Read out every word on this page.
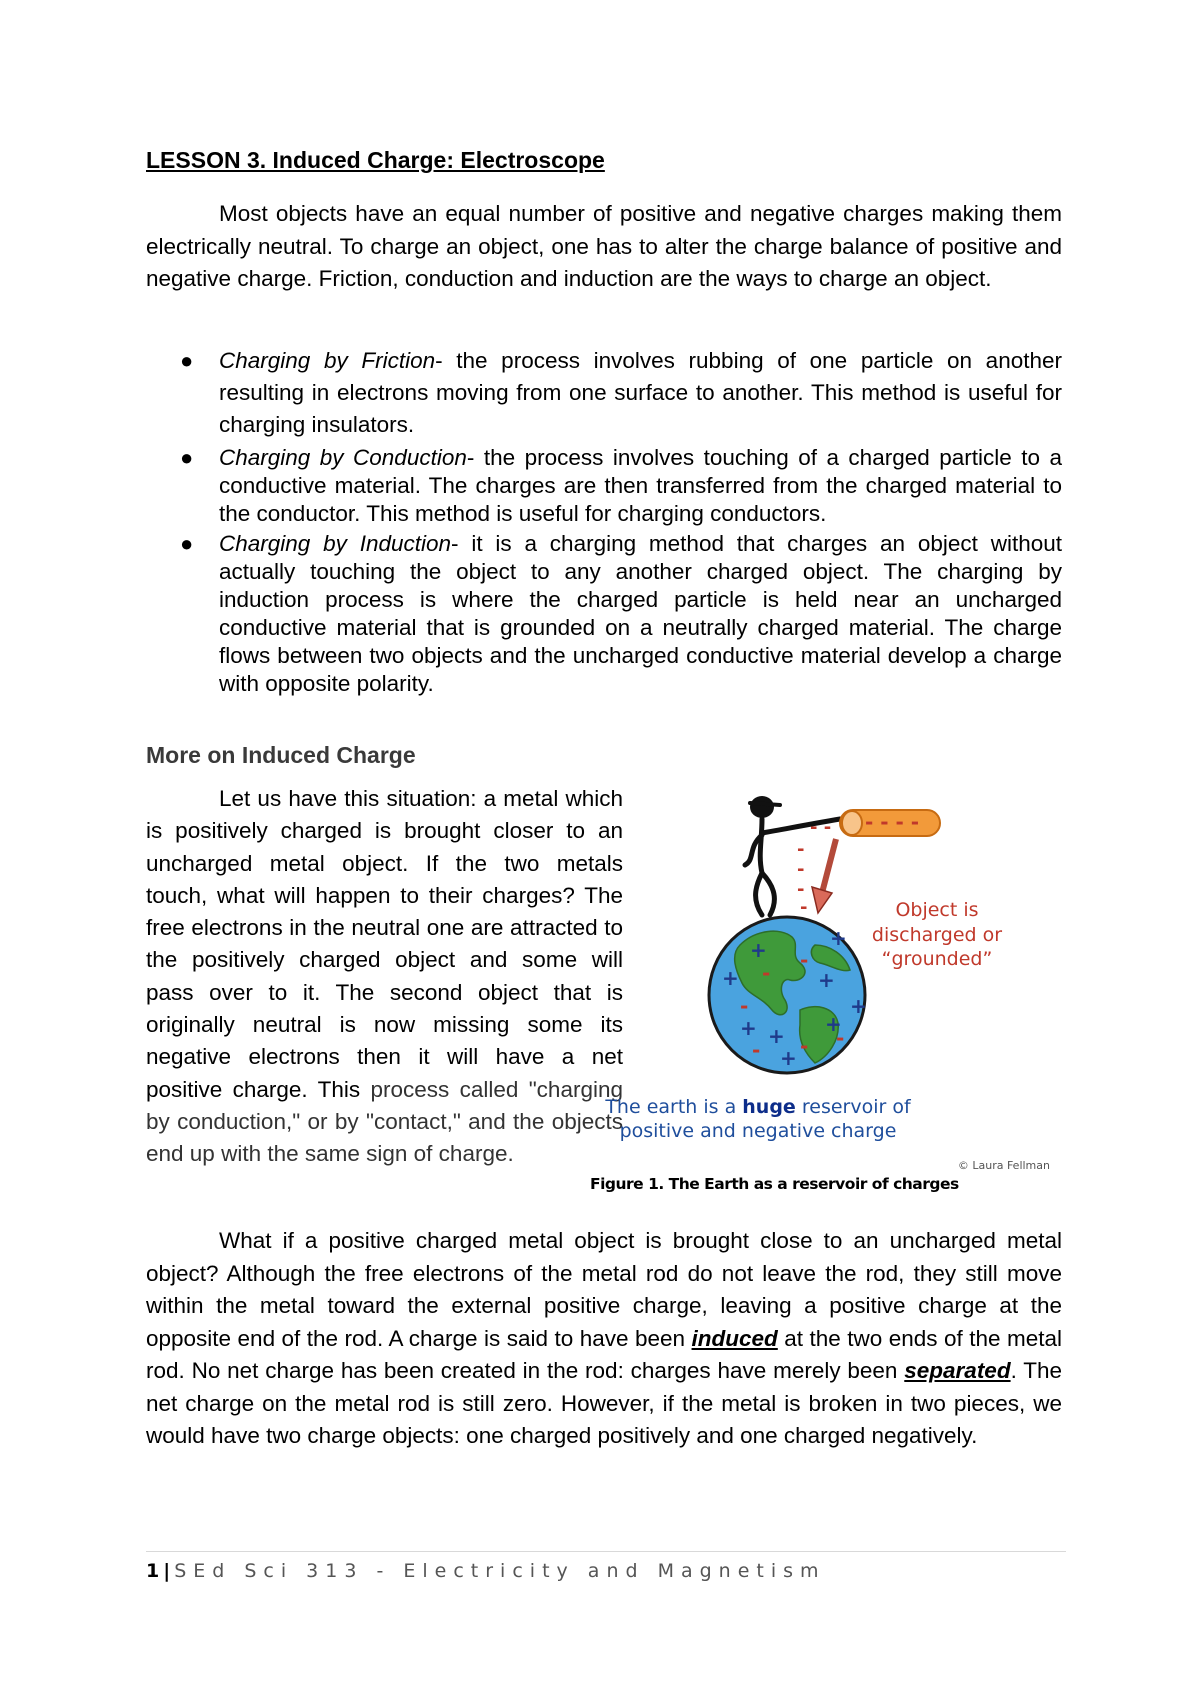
LESSON 3. Induced Charge: Electroscope

Most objects have an equal number of positive and negative charges making them electrically neutral. To charge an object, one has to alter the charge balance of positive and negative charge. Friction, conduction and induction are the ways to charge an object.

● Charging by Friction- the process involves rubbing of one particle on another resulting in electrons moving from one surface to another. This method is useful for charging insulators.
● Charging by Conduction- the process involves touching of a charged particle to a conductive material. The charges are then transferred from the charged material to the conductor. This method is useful for charging conductors.
● Charging by Induction- it is a charging method that charges an object without actually touching the object to any another charged object. The charging by induction process is where the charged particle is held near an uncharged conductive material that is grounded on a neutrally charged material. The charge flows between two objects and the uncharged conductive material develop a charge with opposite polarity.
More on Induced Charge

Let us have this situation: a metal which is positively charged is brought closer to an uncharged metal object. If the two metals touch, what will happen to their charges? The free electrons in the neutral one are attracted to the positively charged object and some will pass over to it. The second object that is originally neutral is now missing some its negative electrons then it will have a net positive charge. This process called "charging by conduction," or by "contact," and the objects end up with the same sign of charge.

What if a positive charged metal object is brought close to an uncharged metal object? Although the free electrons of the metal rod do not leave the rod, they still move within the metal toward the external positive charge, leaving a positive charge at the opposite end of the rod. A charge is said to have been induced at the two ends of the metal rod. No net charge has been created in the rod: charges have merely been separated. The net charge on the metal rod is still zero. However, if the metal is broken in two pieces, we would have two charge objects: one charged positively and one charged negatively.

+	+
+ -
-
+
+
-
+ + -
+
-
+
-
- - - -
- -
-
-
-
-	Object is
discharged or
“grounded”
The earth is a huge reservoir of
positive and negative charge
© Laura Fellman

Figure 1. The Earth as a reservoir of charges

1 | SEd Sci 313 - Electricity and Magnetism
